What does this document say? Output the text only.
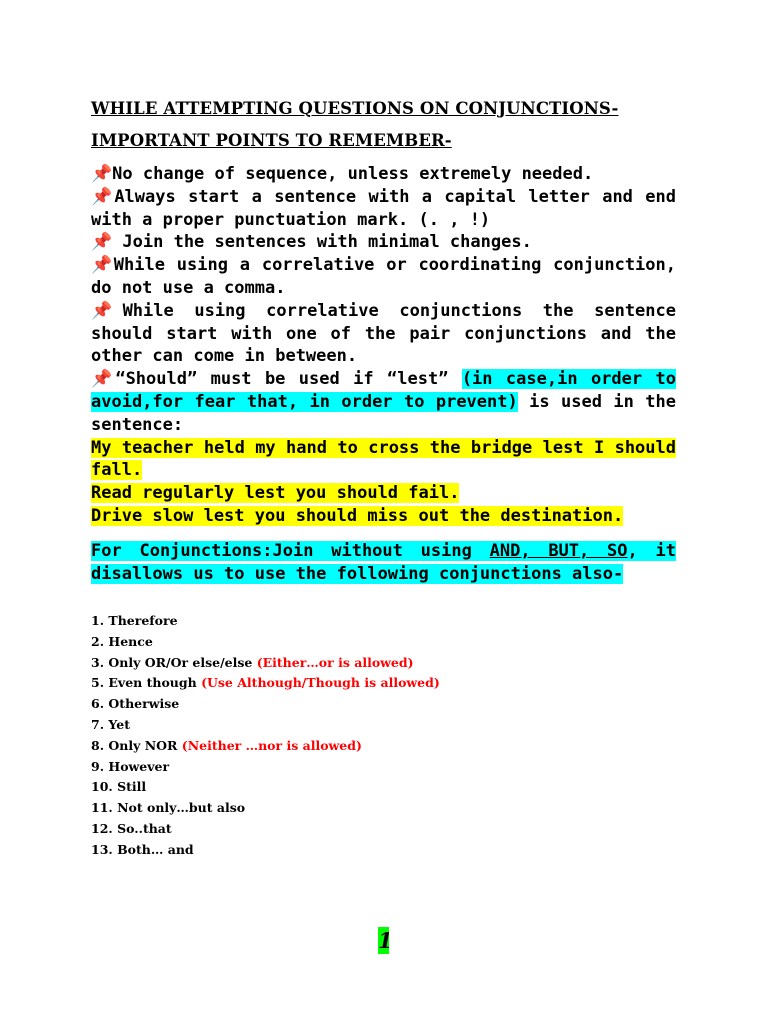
WHILE ATTEMPTING QUESTIONS ON CONJUNCTIONS-
IMPORTANT POINTS TO REMEMBER-

📌No change of sequence, unless extremely needed.

📌Always start a sentence with a capital letter and end with a proper punctuation mark. (. , !)

📌 Join the sentences with minimal changes.

📌While using a correlative or coordinating conjunction, do not use a comma.

📌While using correlative conjunctions the sentence should start with one of the pair conjunctions and the other can come in between.

📌“Should” must be used if “lest” (in case,in order to avoid,for fear that, in order to prevent) is used in the sentence:

My teacher held my hand to cross the bridge lest I should fall.

Read regularly lest you should fail.

Drive slow lest you should miss out the destination.

For Conjunctions:Join without using AND, BUT, SO, it disallows us to use the following conjunctions also-

1. Therefore
2. Hence
3. Only OR/Or else/else (Either…or is allowed)
5. Even though (Use Although/Though is allowed)
6. Otherwise
7. Yet
8. Only NOR (Neither …nor is allowed)
9. However
10. Still
11. Not only…but also
12. So..that
13. Both… and
1
